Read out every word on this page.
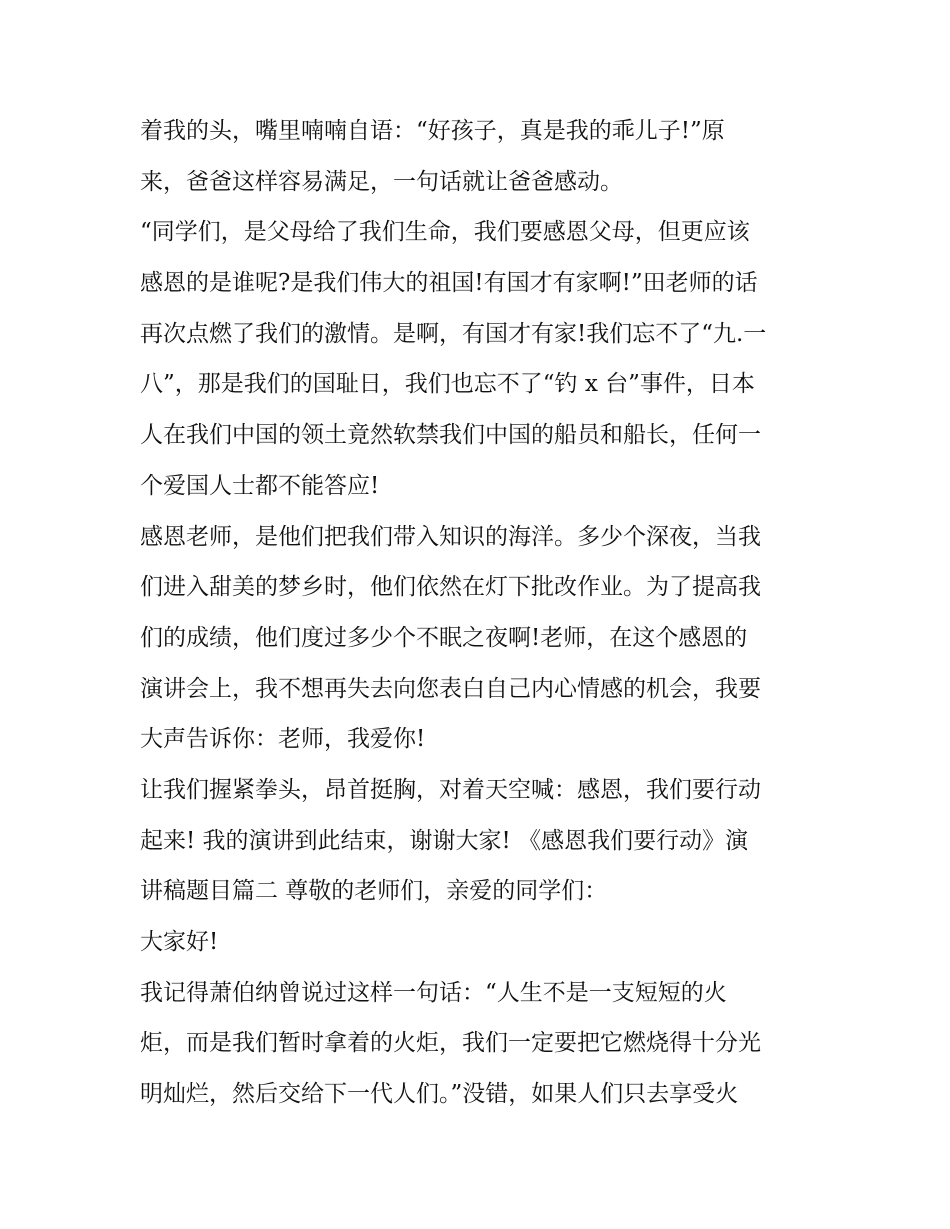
着我的头，嘴里喃喃自语：“好孩子，真是我的乖儿子!”原
来，爸爸这样容易满足，一句话就让爸爸感动。
“同学们，是父母给了我们生命，我们要感恩父母，但更应该
感恩的是谁呢?是我们伟大的祖国!有国才有家啊!”田老师的话
再次点燃了我们的激情。是啊，有国才有家!我们忘不了“九.一
八”，那是我们的国耻日，我们也忘不了“钓 x 台”事件，日本
人在我们中国的领土竟然软禁我们中国的船员和船长，任何一
个爱国人士都不能答应!
感恩老师，是他们把我们带入知识的海洋。多少个深夜，当我
们进入甜美的梦乡时，他们依然在灯下批改作业。为了提高我
们的成绩，他们度过多少个不眠之夜啊!老师，在这个感恩的
演讲会上，我不想再失去向您表白自己内心情感的机会，我要
大声告诉你：老师，我爱你!
让我们握紧拳头，昂首挺胸，对着天空喊：感恩，我们要行动
起来! 我的演讲到此结束，谢谢大家! 《感恩我们要行动》演
讲稿题目篇二 尊敬的老师们，亲爱的同学们：
大家好!
我记得萧伯纳曾说过这样一句话：“人生不是一支短短的火
炬，而是我们暂时拿着的火炬，我们一定要把它燃烧得十分光
明灿烂，然后交给下一代人们。”没错，如果人们只去享受火
